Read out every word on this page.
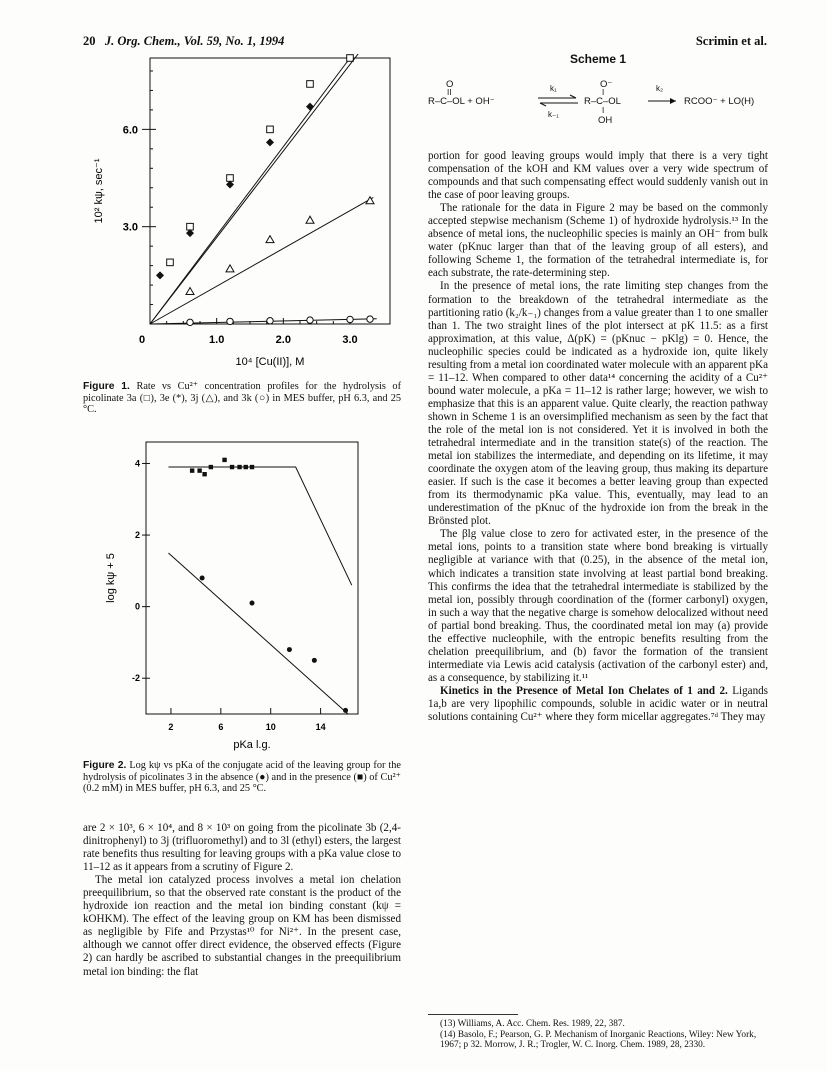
20 J. Org. Chem., Vol. 59, No. 1, 1994	Scrimin et al.
0	1.0	2.0	3.0
3.0
6.0
10² kψ, sec⁻¹
10⁴ [Cu(II)], M
Figure 1. Rate vs Cu²⁺ concentration profiles for the hydrolysis of picolinate 3a (□), 3e (*), 3j (△), and 3k (○) in MES buffer, pH 6.3, and 25 °C.
2	6	10	14
4
2
0
-2
log kψ + 5
pKa l.g.
Figure 2. Log kψ vs pKa of the conjugate acid of the leaving group for the hydrolysis of picolinates 3 in the absence (●) and in the presence (■) of Cu²⁺ (0.2 mM) in MES buffer, pH 6.3, and 25 °C.

are 2 × 10³, 6 × 10⁴, and 8 × 10³ on going from the picolinate 3b (2,4-dinitrophenyl) to 3j (trifluoromethyl) and to 3l (ethyl) esters, the largest rate benefits thus resulting for leaving groups with a pKa value close to 11–12 as it appears from a scrutiny of Figure 2.

The metal ion catalyzed process involves a metal ion chelation preequilibrium, so that the observed rate constant is the product of the hydroxide ion reaction and the metal ion binding constant (kψ = kOHKM). The effect of the leaving group on KM has been dismissed as negligible by Fife and Przystas¹⁰ for Ni²⁺. In the present case, although we cannot offer direct evidence, the observed effects (Figure 2) can hardly be ascribed to substantial changes in the preequilibrium metal ion binding: the flat

Scheme 1
O
II
R–C–OL + OH⁻
k₁
k₋₁
O⁻
I
R–C–OL
I
OH
k₂
RCOO⁻ + LO(H)

portion for good leaving groups would imply that there is a very tight compensation of the kOH and KM values over a very wide spectrum of compounds and that such compensating effect would suddenly vanish out in the case of poor leaving groups.

The rationale for the data in Figure 2 may be based on the commonly accepted stepwise mechanism (Scheme 1) of hydroxide hydrolysis.¹³ In the absence of metal ions, the nucleophilic species is mainly an OH⁻ from bulk water (pKnuc larger than that of the leaving group of all esters), and following Scheme 1, the formation of the tetrahedral intermediate is, for each substrate, the rate-determining step.

In the presence of metal ions, the rate limiting step changes from the formation to the breakdown of the tetrahedral intermediate as the partitioning ratio (k₂/k₋₁) changes from a value greater than 1 to one smaller than 1. The two straight lines of the plot intersect at pK 11.5: as a first approximation, at this value, Δ(pK) = (pKnuc − pKlg) = 0. Hence, the nucleophilic species could be indicated as a hydroxide ion, quite likely resulting from a metal ion coordinated water molecule with an apparent pKa = 11–12. When compared to other data¹⁴ concerning the acidity of a Cu²⁺ bound water molecule, a pKa = 11–12 is rather large; however, we wish to emphasize that this is an apparent value. Quite clearly, the reaction pathway shown in Scheme 1 is an oversimplified mechanism as seen by the fact that the role of the metal ion is not considered. Yet it is involved in both the tetrahedral intermediate and in the transition state(s) of the reaction. The metal ion stabilizes the intermediate, and depending on its lifetime, it may coordinate the oxygen atom of the leaving group, thus making its departure easier. If such is the case it becomes a better leaving group than expected from its thermodynamic pKa value. This, eventually, may lead to an underestimation of the pKnuc of the hydroxide ion from the break in the Brönsted plot.

The βlg value close to zero for activated ester, in the presence of the metal ions, points to a transition state where bond breaking is virtually negligible at variance with that (0.25), in the absence of the metal ion, which indicates a transition state involving at least partial bond breaking. This confirms the idea that the tetrahedral intermediate is stabilized by the metal ion, possibly through coordination of the (former carbonyl) oxygen, in such a way that the negative charge is somehow delocalized without need of partial bond breaking. Thus, the coordinated metal ion may (a) provide the effective nucleophile, with the entropic benefits resulting from the chelation preequilibrium, and (b) favor the formation of the transient intermediate via Lewis acid catalysis (activation of the carbonyl ester) and, as a consequence, by stabilizing it.¹¹

Kinetics in the Presence of Metal Ion Chelates of 1 and 2. Ligands 1a,b are very lipophilic compounds, soluble in acidic water or in neutral solutions containing Cu²⁺ where they form micellar aggregates.⁷ᵈ They may

(13) Williams, A. Acc. Chem. Res. 1989, 22, 387.
(14) Basolo, F.; Pearson, G. P. Mechanism of Inorganic Reactions, Wiley: New York, 1967; p 32. Morrow, J. R.; Trogler, W. C. Inorg. Chem. 1989, 28, 2330.
